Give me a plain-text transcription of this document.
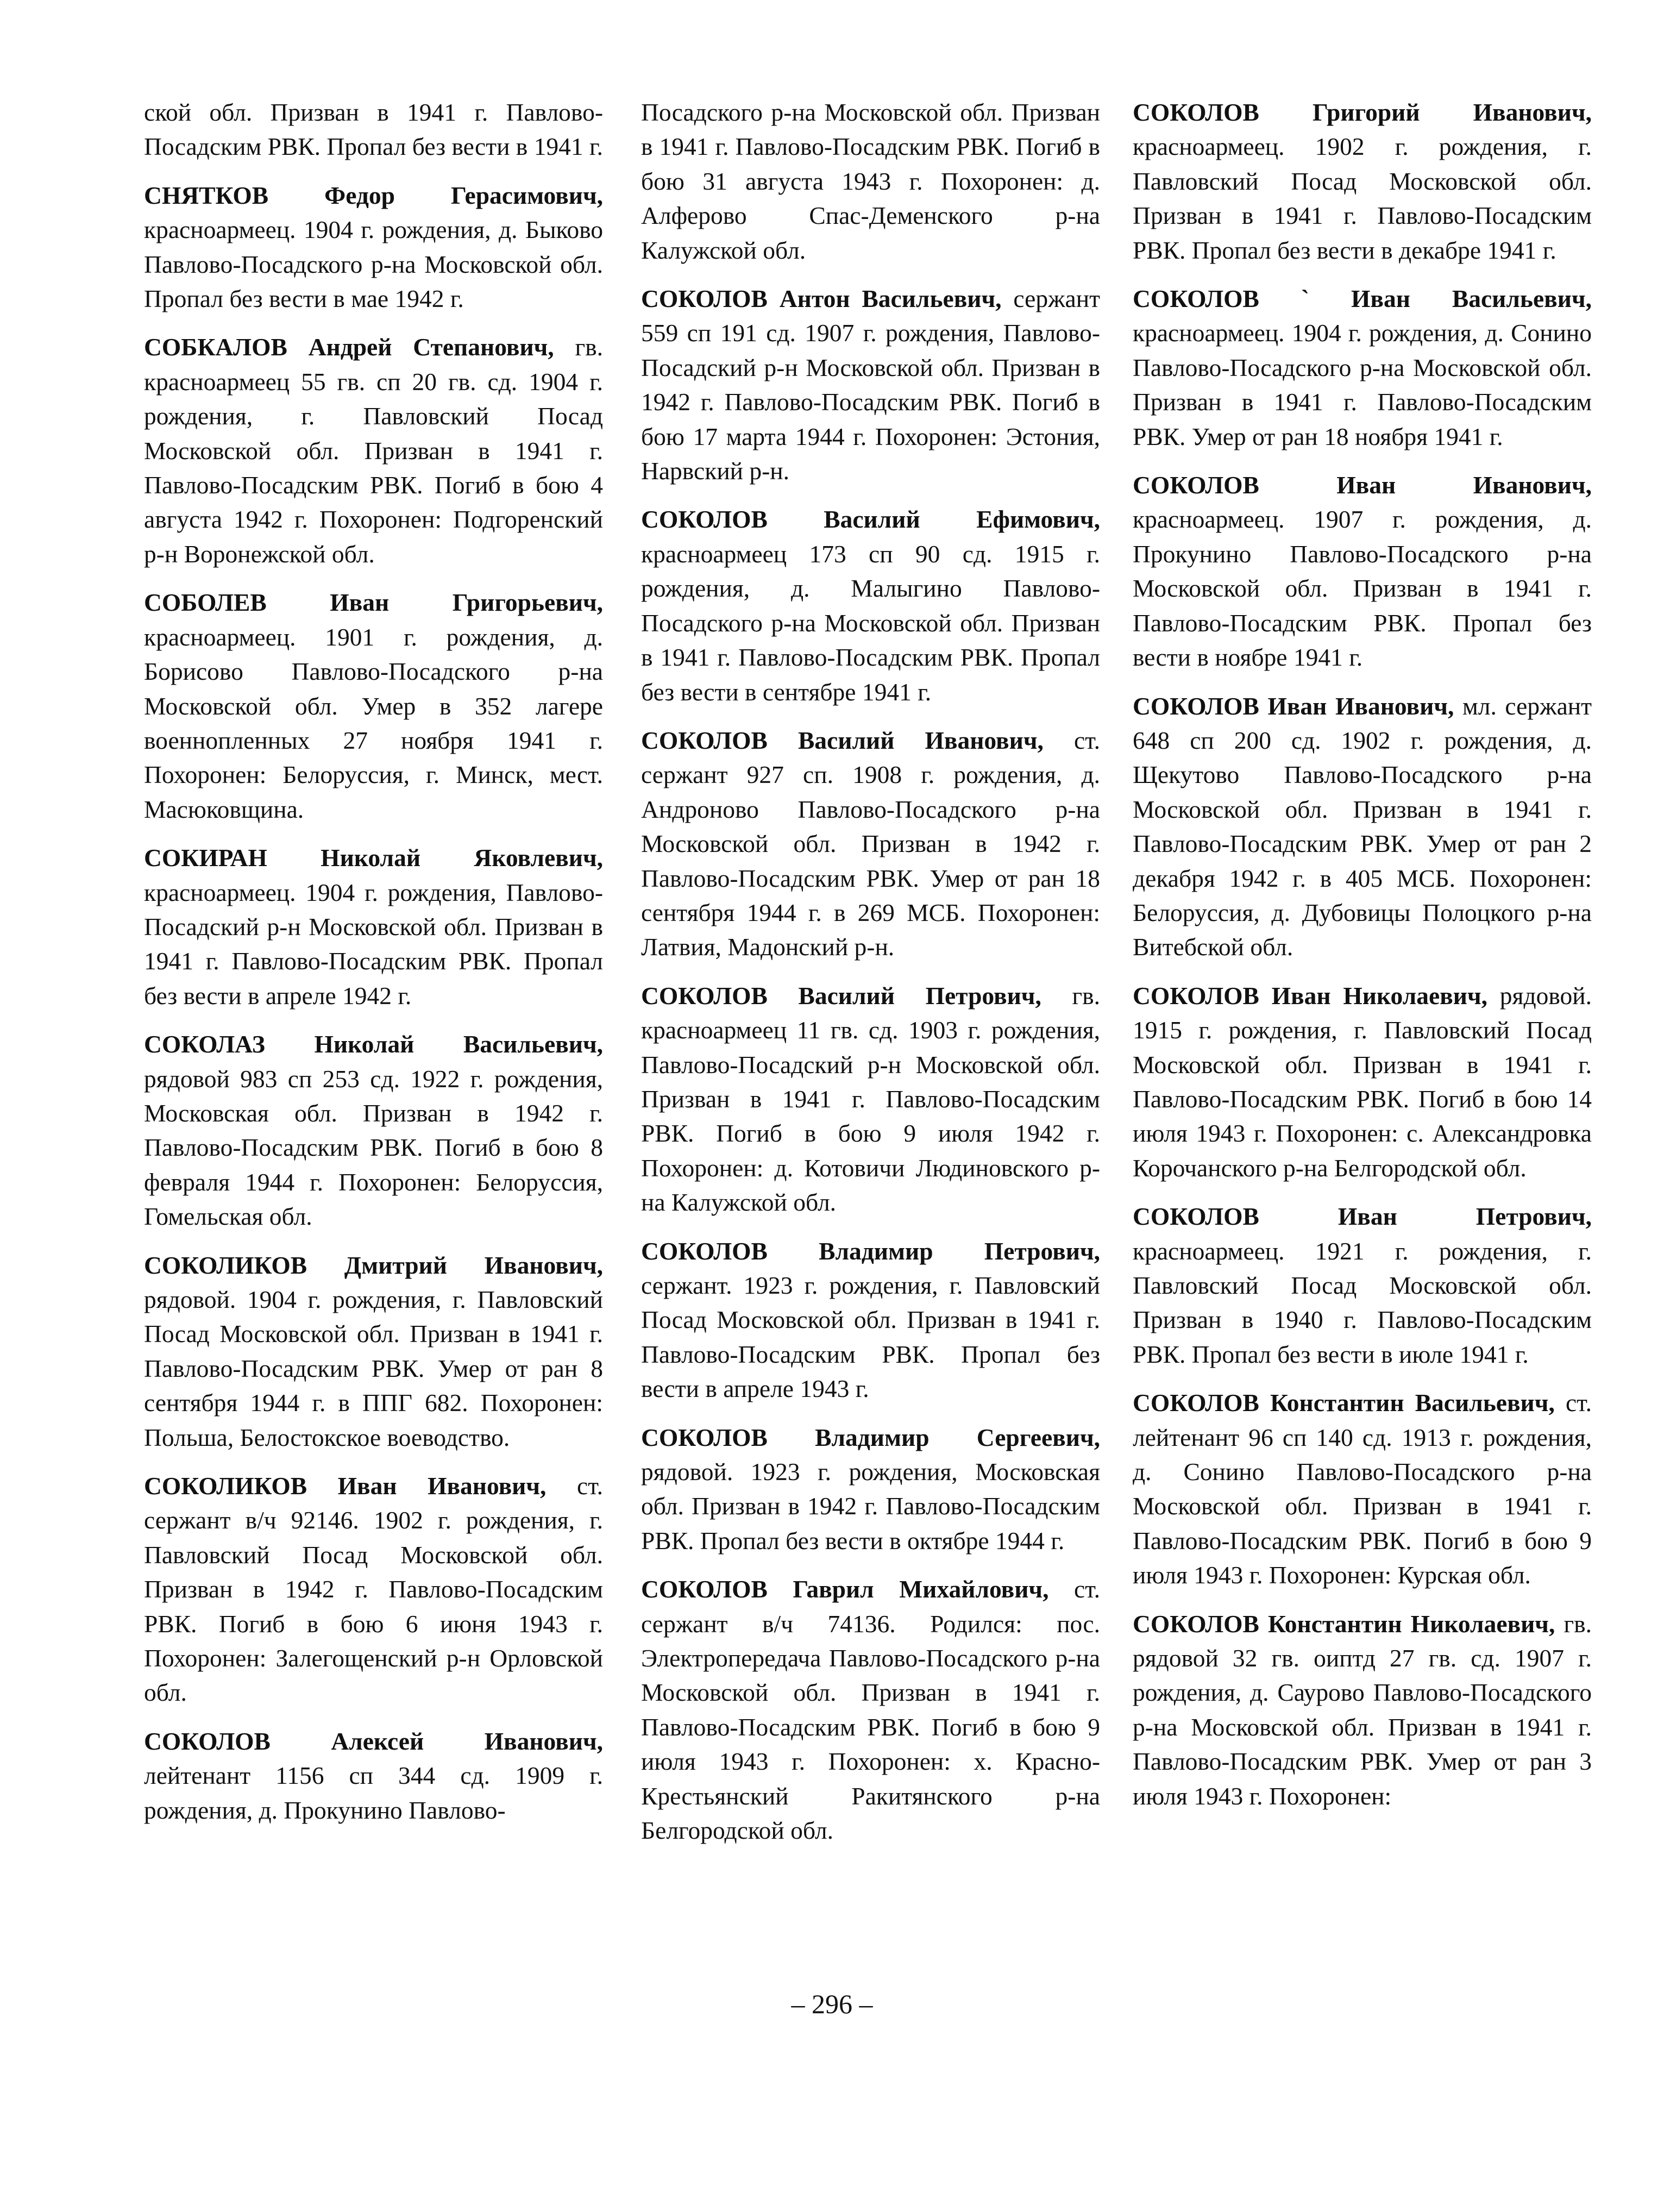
ской обл. Призван в 1941 г. Павлово-Посадским РВК. Пропал без вести в 1941 г.

СНЯТКОВ Федор Герасимович, красноармеец. 1904 г. рождения, д. Быково Павлово-Посадского р-на Московской обл. Пропал без вести в мае 1942 г.

СОБКАЛОВ Андрей Степанович, гв. красноармеец 55 гв. сп 20 гв. сд. 1904 г. рождения, г. Павловский Посад Московской обл. Призван в 1941 г. Павлово-Посадским РВК. Погиб в бою 4 августа 1942 г. Похоронен: Подгоренский р-н Воронежской обл.

СОБОЛЕВ Иван Григорьевич, красноармеец. 1901 г. рождения, д. Борисово Павлово-Посадского р-на Московской обл. Умер в 352 лагере военнопленных 27 ноября 1941 г. Похоронен: Белоруссия, г. Минск, мест. Масюковщина.

СОКИРАН Николай Яковлевич, красноармеец. 1904 г. рождения, Павлово-Посадский р-н Московской обл. Призван в 1941 г. Павлово-Посадским РВК. Пропал без вести в апреле 1942 г.

СОКОЛАЗ Николай Васильевич, рядовой 983 сп 253 сд. 1922 г. рождения, Московская обл. Призван в 1942 г. Павлово-Посадским РВК. Погиб в бою 8 февраля 1944 г. Похоронен: Белоруссия, Гомельская обл.

СОКОЛИКОВ Дмитрий Иванович, рядовой. 1904 г. рождения, г. Павловский Посад Московской обл. Призван в 1941 г. Павлово-Посадским РВК. Умер от ран 8 сентября 1944 г. в ППГ 682. Похоронен: Польша, Белостокское воеводство.

СОКОЛИКОВ Иван Иванович, ст. сержант в/ч 92146. 1902 г. рождения, г. Павловский Посад Московской обл. Призван в 1942 г. Павлово-Посадским РВК. Погиб в бою 6 июня 1943 г. Похоронен: Залегощенский р-н Орловской обл.

СОКОЛОВ Алексей Иванович, лейтенант 1156 сп 344 сд. 1909 г. рождения, д. Прокунино Павлово-

Посадского р-на Московской обл. Призван в 1941 г. Павлово-Посадским РВК. Погиб в бою 31 августа 1943 г. Похоронен: д. Алферово Спас-Деменского р-на Калужской обл.

СОКОЛОВ Антон Васильевич, сержант 559 сп 191 сд. 1907 г. рождения, Павлово-Посадский р-н Московской обл. Призван в 1942 г. Павлово-Посадским РВК. Погиб в бою 17 марта 1944 г. Похоронен: Эстония, Нарвский р-н.

СОКОЛОВ Василий Ефимович, красноармеец 173 сп 90 сд. 1915 г. рождения, д. Малыгино Павлово-Посадского р-на Московской обл. Призван в 1941 г. Павлово-Посадским РВК. Пропал без вести в сентябре 1941 г.

СОКОЛОВ Василий Иванович, ст. сержант 927 сп. 1908 г. рождения, д. Андроново Павлово-Посадского р-на Московской обл. Призван в 1942 г. Павлово-Посадским РВК. Умер от ран 18 сентября 1944 г. в 269 МСБ. Похоронен: Латвия, Мадонский р-н.

СОКОЛОВ Василий Петрович, гв. красноармеец 11 гв. сд. 1903 г. рождения, Павлово-Посадский р-н Московской обл. Призван в 1941 г. Павлово-Посадским РВК. Погиб в бою 9 июля 1942 г. Похоронен: д. Котовичи Людиновского р-на Калужской обл.

СОКОЛОВ Владимир Петрович, сержант. 1923 г. рождения, г. Павловский Посад Московской обл. Призван в 1941 г. Павлово-Посадским РВК. Пропал без вести в апреле 1943 г.

СОКОЛОВ Владимир Сергеевич, рядовой. 1923 г. рождения, Московская обл. Призван в 1942 г. Павлово-Посадским РВК. Пропал без вести в октябре 1944 г.

СОКОЛОВ Гаврил Михайлович, ст. сержант в/ч 74136. Родился: пос. Электропередача Павлово-Посадского р-на Московской обл. Призван в 1941 г. Павлово-Посадским РВК. Погиб в бою 9 июля 1943 г. Похоронен: х. Красно-Крестьянский Ракитянского р-на Белгородской обл.

СОКОЛОВ Григорий Иванович, красноармеец. 1902 г. рождения, г. Павловский Посад Московской обл. Призван в 1941 г. Павлово-Посадским РВК. Пропал без вести в декабре 1941 г.

СОКОЛОВ ` Иван Васильевич, красноармеец. 1904 г. рождения, д. Сонино Павлово-Посадского р-на Московской обл. Призван в 1941 г. Павлово-Посадским РВК. Умер от ран 18 ноября 1941 г.

СОКОЛОВ Иван Иванович, красноармеец. 1907 г. рождения, д. Прокунино Павлово-Посадского р-на Московской обл. Призван в 1941 г. Павлово-Посадским РВК. Пропал без вести в ноябре 1941 г.

СОКОЛОВ Иван Иванович, мл. сержант 648 сп 200 сд. 1902 г. рождения, д. Щекутово Павлово-Посадского р-на Московской обл. Призван в 1941 г. Павлово-Посадским РВК. Умер от ран 2 декабря 1942 г. в 405 МСБ. Похоронен: Белоруссия, д. Дубовицы Полоцкого р-на Витебской обл.

СОКОЛОВ Иван Николаевич, рядовой. 1915 г. рождения, г. Павловский Посад Московской обл. Призван в 1941 г. Павлово-Посадским РВК. Погиб в бою 14 июля 1943 г. Похоронен: с. Александровка Корочанского р-на Белгородской обл.

СОКОЛОВ Иван Петрович, красноармеец. 1921 г. рождения, г. Павловский Посад Московской обл. Призван в 1940 г. Павлово-Посадским РВК. Пропал без вести в июле 1941 г.

СОКОЛОВ Константин Васильевич, ст. лейтенант 96 сп 140 сд. 1913 г. рождения, д. Сонино Павлово-Посадского р-на Московской обл. Призван в 1941 г. Павлово-Посадским РВК. Погиб в бою 9 июля 1943 г. Похоронен: Курская обл.

СОКОЛОВ Константин Николаевич, гв. рядовой 32 гв. оиптд 27 гв. сд. 1907 г. рождения, д. Саурово Павлово-Посадского р-на Московской обл. Призван в 1941 г. Павлово-Посадским РВК. Умер от ран 3 июля 1943 г. Похоронен:

– 296 –
